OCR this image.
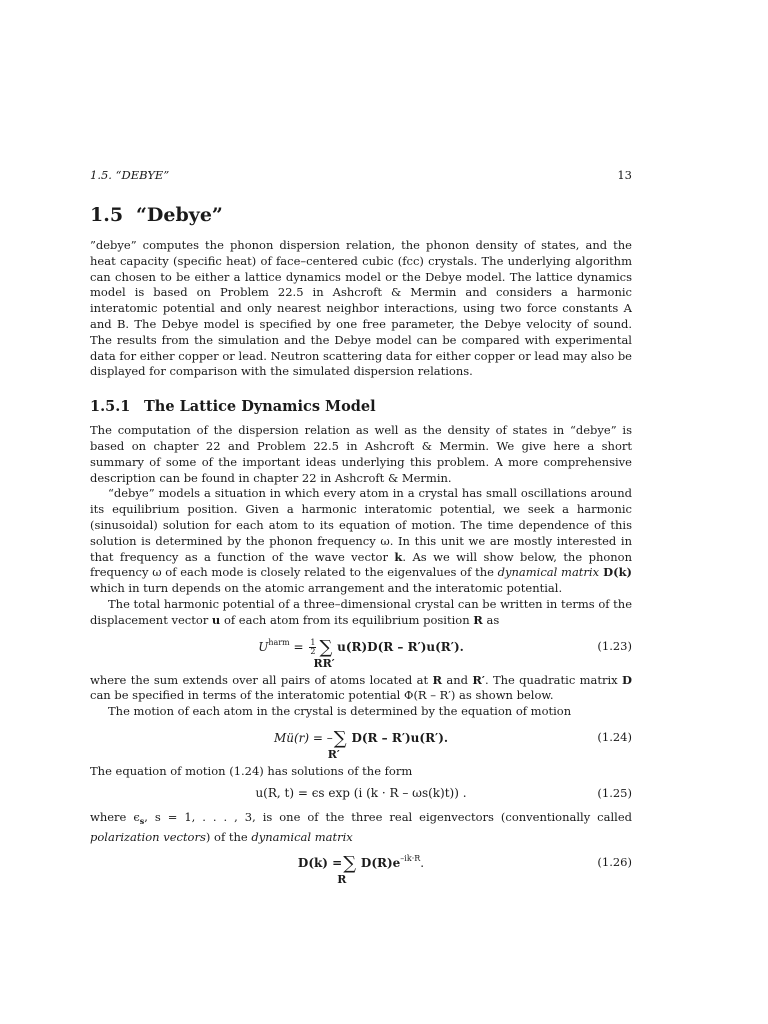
1.5. “DEBYE”	13
1.5 “Debye”

”debye” computes the phonon dispersion relation, the phonon density of states, and the heat capacity (specific heat) of face–centered cubic (fcc) crystals. The underlying algorithm can chosen to be either a lattice dynamics model or the Debye model. The lattice dynamics model is based on Problem 22.5 in Ashcroft & Mermin and considers a harmonic interatomic potential and only nearest neighbor interactions, using two force constants A and B. The Debye model is specified by one free parameter, the Debye velocity of sound. The results from the simulation and the Debye model can be compared with experimental data for either copper or lead. Neutron scattering data for either copper or lead may also be displayed for comparison with the simulated dispersion relations.

1.5.1 The Lattice Dynamics Model

The computation of the dispersion relation as well as the density of states in “debye” is based on chapter 22 and Problem 22.5 in Ashcroft & Mermin. We give here a short summary of some of the important ideas underlying this problem. A more comprehensive description can be found in chapter 22 in Ashcroft & Mermin.

“debye” models a situation in which every atom in a crystal has small oscillations around its equilibrium position. Given a harmonic interatomic potential, we seek a harmonic (sinusoidal) solution for each atom to its equation of motion. The time dependence of this solution is determined by the phonon frequency ω. In this unit we are mostly interested in that frequency as a function of the wave vector k. As we will show below, the phonon frequency ω of each mode is closely related to the eigenvalues of the dynamical matrix D(k) which in turn depends on the atomic arrangement and the interatomic potential.

The total harmonic potential of a three–dimensional crystal can be written in terms of the displacement vector u of each atom from its equilibrium position R as

$U^{harm} = \frac{1}{2}$ ∑
RR′
u(R)D(R – R′)u(R′).	(1.23)

where the sum extends over all pairs of atoms located at R and R′. The quadratic matrix D can be specified in terms of the interatomic potential Φ(R – R′) as shown below.

The motion of each atom in the crystal is determined by the equation of motion

Mü(r) = –∑
R′
D(R – R′)u(R′).	(1.24)

The equation of motion (1.24) has solutions of the form

u(R, t) = ϵs exp (i (k · R – ωs(k)t)) .	(1.25)

where $\epsilon_s$, s = 1, . . . , 3, is one of the three real eigenvectors (conventionally called polarization vectors) of the dynamical matrix

D(k) =∑
R
$D(R)e^{-ik\cdot R}$.	(1.26)
